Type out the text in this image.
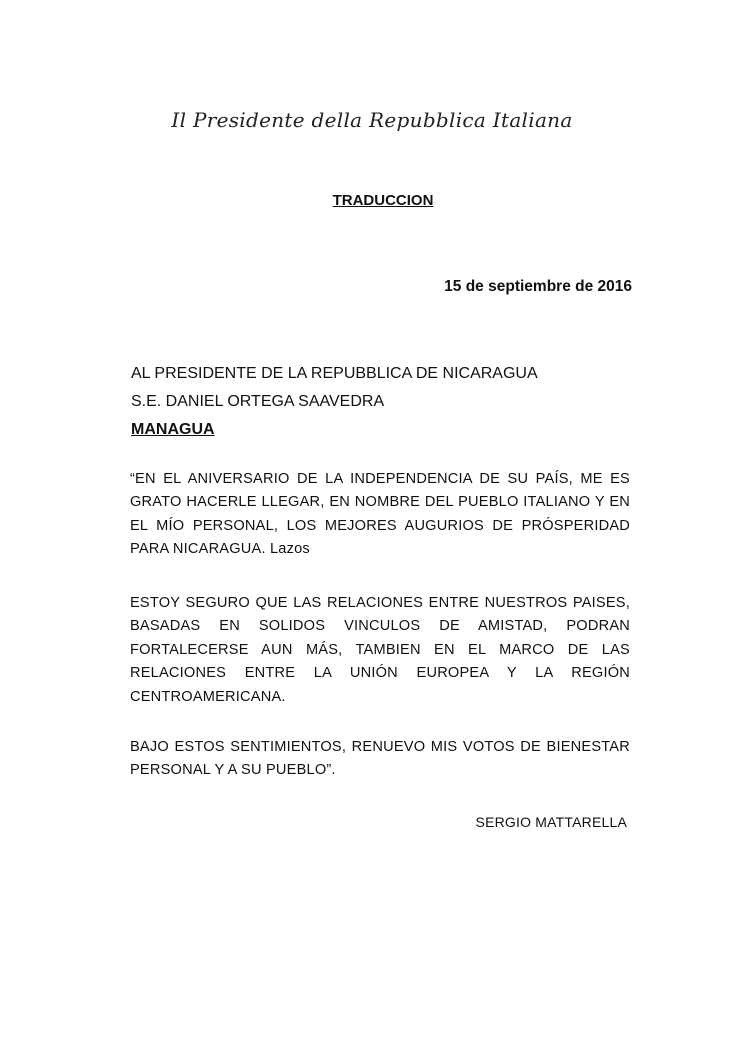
Il Presidente della Repubblica Italiana
TRADUCCION
15 de septiembre de 2016
AL PRESIDENTE DE LA REPUBBLICA DE NICARAGUA
S.E. DANIEL ORTEGA SAAVEDRA
MANAGUA
“EN EL ANIVERSARIO DE LA INDEPENDENCIA DE SU PAÍS, ME ES GRATO HACERLE LLEGAR, EN NOMBRE DEL PUEBLO ITALIANO Y EN EL MÍO PERSONAL, LOS MEJORES AUGURIOS DE PRÓSPERIDAD PARA NICARAGUA. Lazos
ESTOY SEGURO QUE LAS RELACIONES ENTRE NUESTROS PAISES, BASADAS EN SOLIDOS VINCULOS DE AMISTAD, PODRAN FORTALECERSE AUN MÁS, TAMBIEN EN EL MARCO DE LAS RELACIONES ENTRE LA UNIÓN EUROPEA Y LA REGIÓN CENTROAMERICANA.
BAJO ESTOS SENTIMIENTOS, RENUEVO MIS VOTOS DE BIENESTAR PERSONAL Y A SU PUEBLO”.
SERGIO MATTARELLA
